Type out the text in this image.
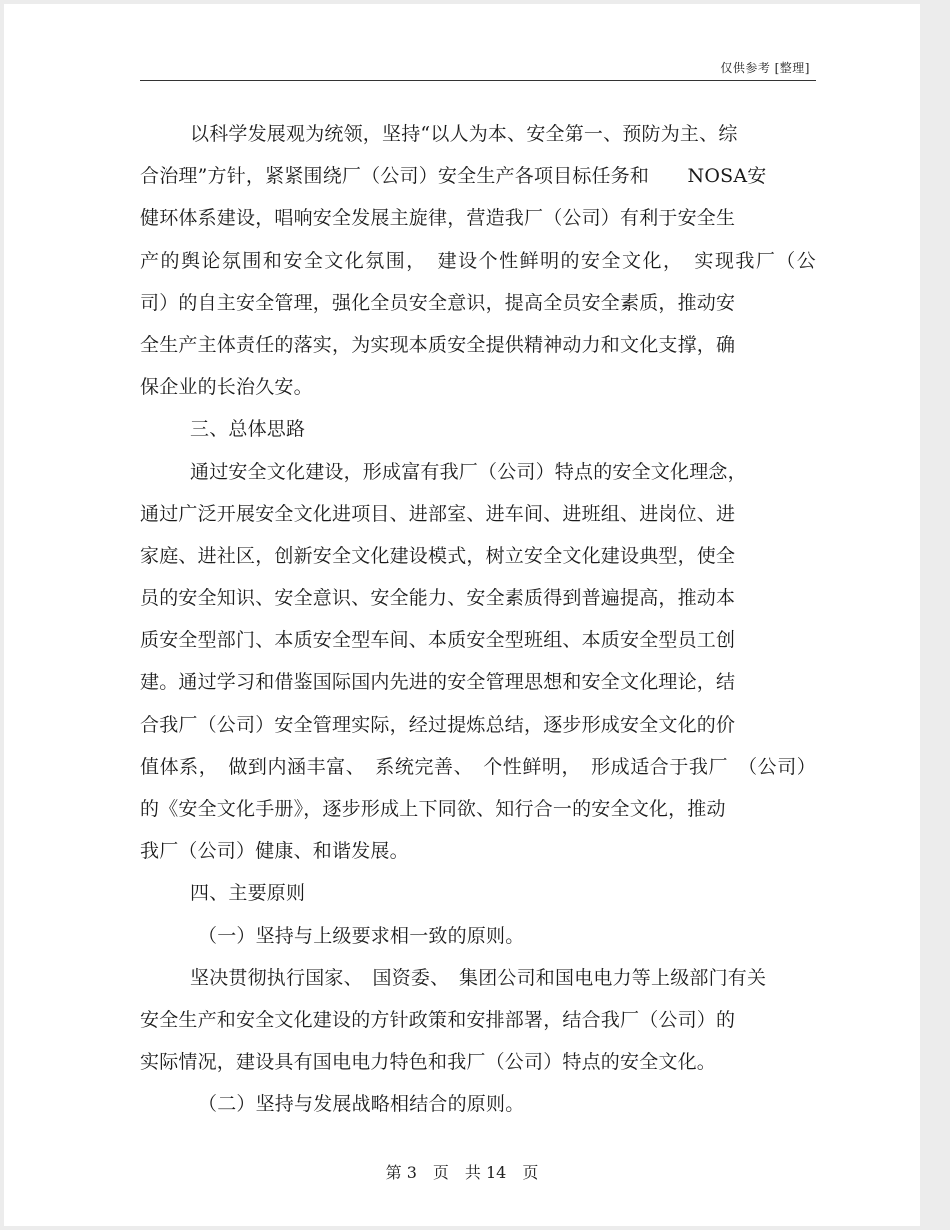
仅供参考 [整理]
以科学发展观为统领，坚持“以人为本、安全第一、预防为主、综
合治理”方针，紧紧围绕厂（公司）安全生产各项目标任务和　　NOSA安
健环体系建设，唱响安全发展主旋律，营造我厂（公司）有利于安全生
产的舆论氛围和安全文化氛围，　建设个性鲜明的安全文化，　实现我厂（公
司）的自主安全管理，强化全员安全意识，提高全员安全素质，推动安
全生产主体责任的落实，为实现本质安全提供精神动力和文化支撑，确
保企业的长治久安。
三、总体思路
通过安全文化建设，形成富有我厂（公司）特点的安全文化理念，
通过广泛开展安全文化进项目、进部室、进车间、进班组、进岗位、进
家庭、进社区，创新安全文化建设模式，树立安全文化建设典型，使全
员的安全知识、安全意识、安全能力、安全素质得到普遍提高，推动本
质安全型部门、本质安全型车间、本质安全型班组、本质安全型员工创
建。通过学习和借鉴国际国内先进的安全管理思想和安全文化理论，结
合我厂（公司）安全管理实际，经过提炼总结，逐步形成安全文化的价
值体系，　做到内涵丰富、　系统完善、　个性鲜明，　形成适合于我厂　（公司）
的《安全文化手册》，逐步形成上下同欲、知行合一的安全文化，推动
我厂（公司）健康、和谐发展。
四、主要原则
（一）坚持与上级要求相一致的原则。
坚决贯彻执行国家、　国资委、　集团公司和国电电力等上级部门有关
安全生产和安全文化建设的方针政策和安排部署，结合我厂（公司）的
实际情况，建设具有国电电力特色和我厂（公司）特点的安全文化。
（二）坚持与发展战略相结合的原则。
第 3　页　共 14　页
